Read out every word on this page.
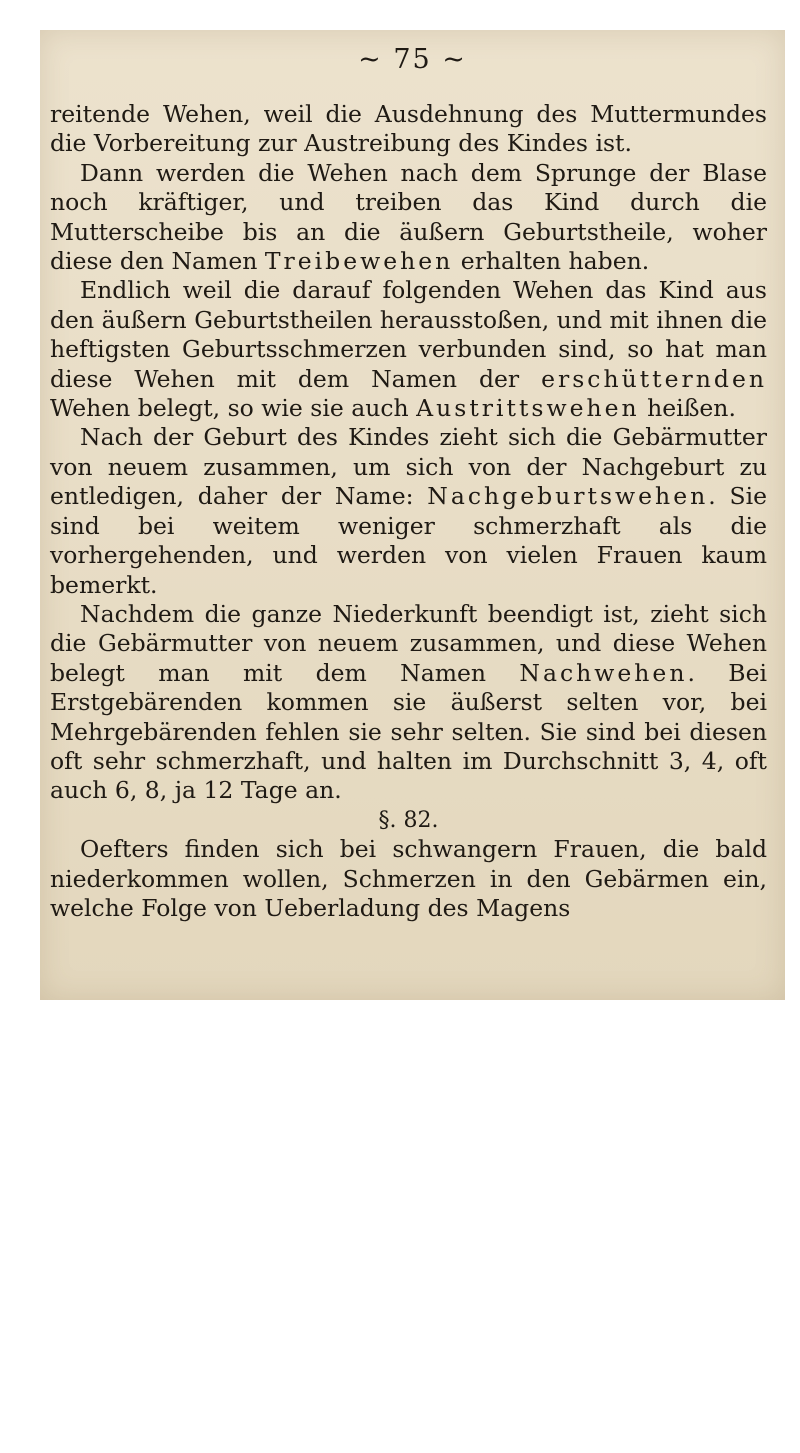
~ 75 ~

reitende Wehen, weil die Ausdehnung des Muttermundes die Vorbereitung zur Austreibung des Kindes ist.

Dann werden die Wehen nach dem Sprunge der Blase noch kräftiger, und treiben das Kind durch die Mutterscheibe bis an die äußern Geburtstheile, woher diese den Namen Treibewehen erhalten haben.

Endlich weil die darauf folgenden Wehen das Kind aus den äußern Geburtstheilen herausstoßen, und mit ihnen die heftigsten Geburtsschmerzen verbunden sind, so hat man diese Wehen mit dem Namen der erschütternden Wehen belegt, so wie sie auch Austrittswehen heißen.

Nach der Geburt des Kindes zieht sich die Gebärmutter von neuem zusammen, um sich von der Nachgeburt zu entledigen, daher der Name: Nachgeburtswehen. Sie sind bei weitem weniger schmerzhaft als die vorhergehenden, und werden von vielen Frauen kaum bemerkt.

Nachdem die ganze Niederkunft beendigt ist, zieht sich die Gebärmutter von neuem zusammen, und diese Wehen belegt man mit dem Namen Nachwehen. Bei Erstgebärenden kommen sie äußerst selten vor, bei Mehrgebärenden fehlen sie sehr selten. Sie sind bei diesen oft sehr schmerzhaft, und halten im Durchschnitt 3, 4, oft auch 6, 8, ja 12 Tage an.

§. 82.

Oefters finden sich bei schwangern Frauen, die bald niederkommen wollen, Schmerzen in den Gebärmen ein, welche Folge von Ueberladung des Magens
